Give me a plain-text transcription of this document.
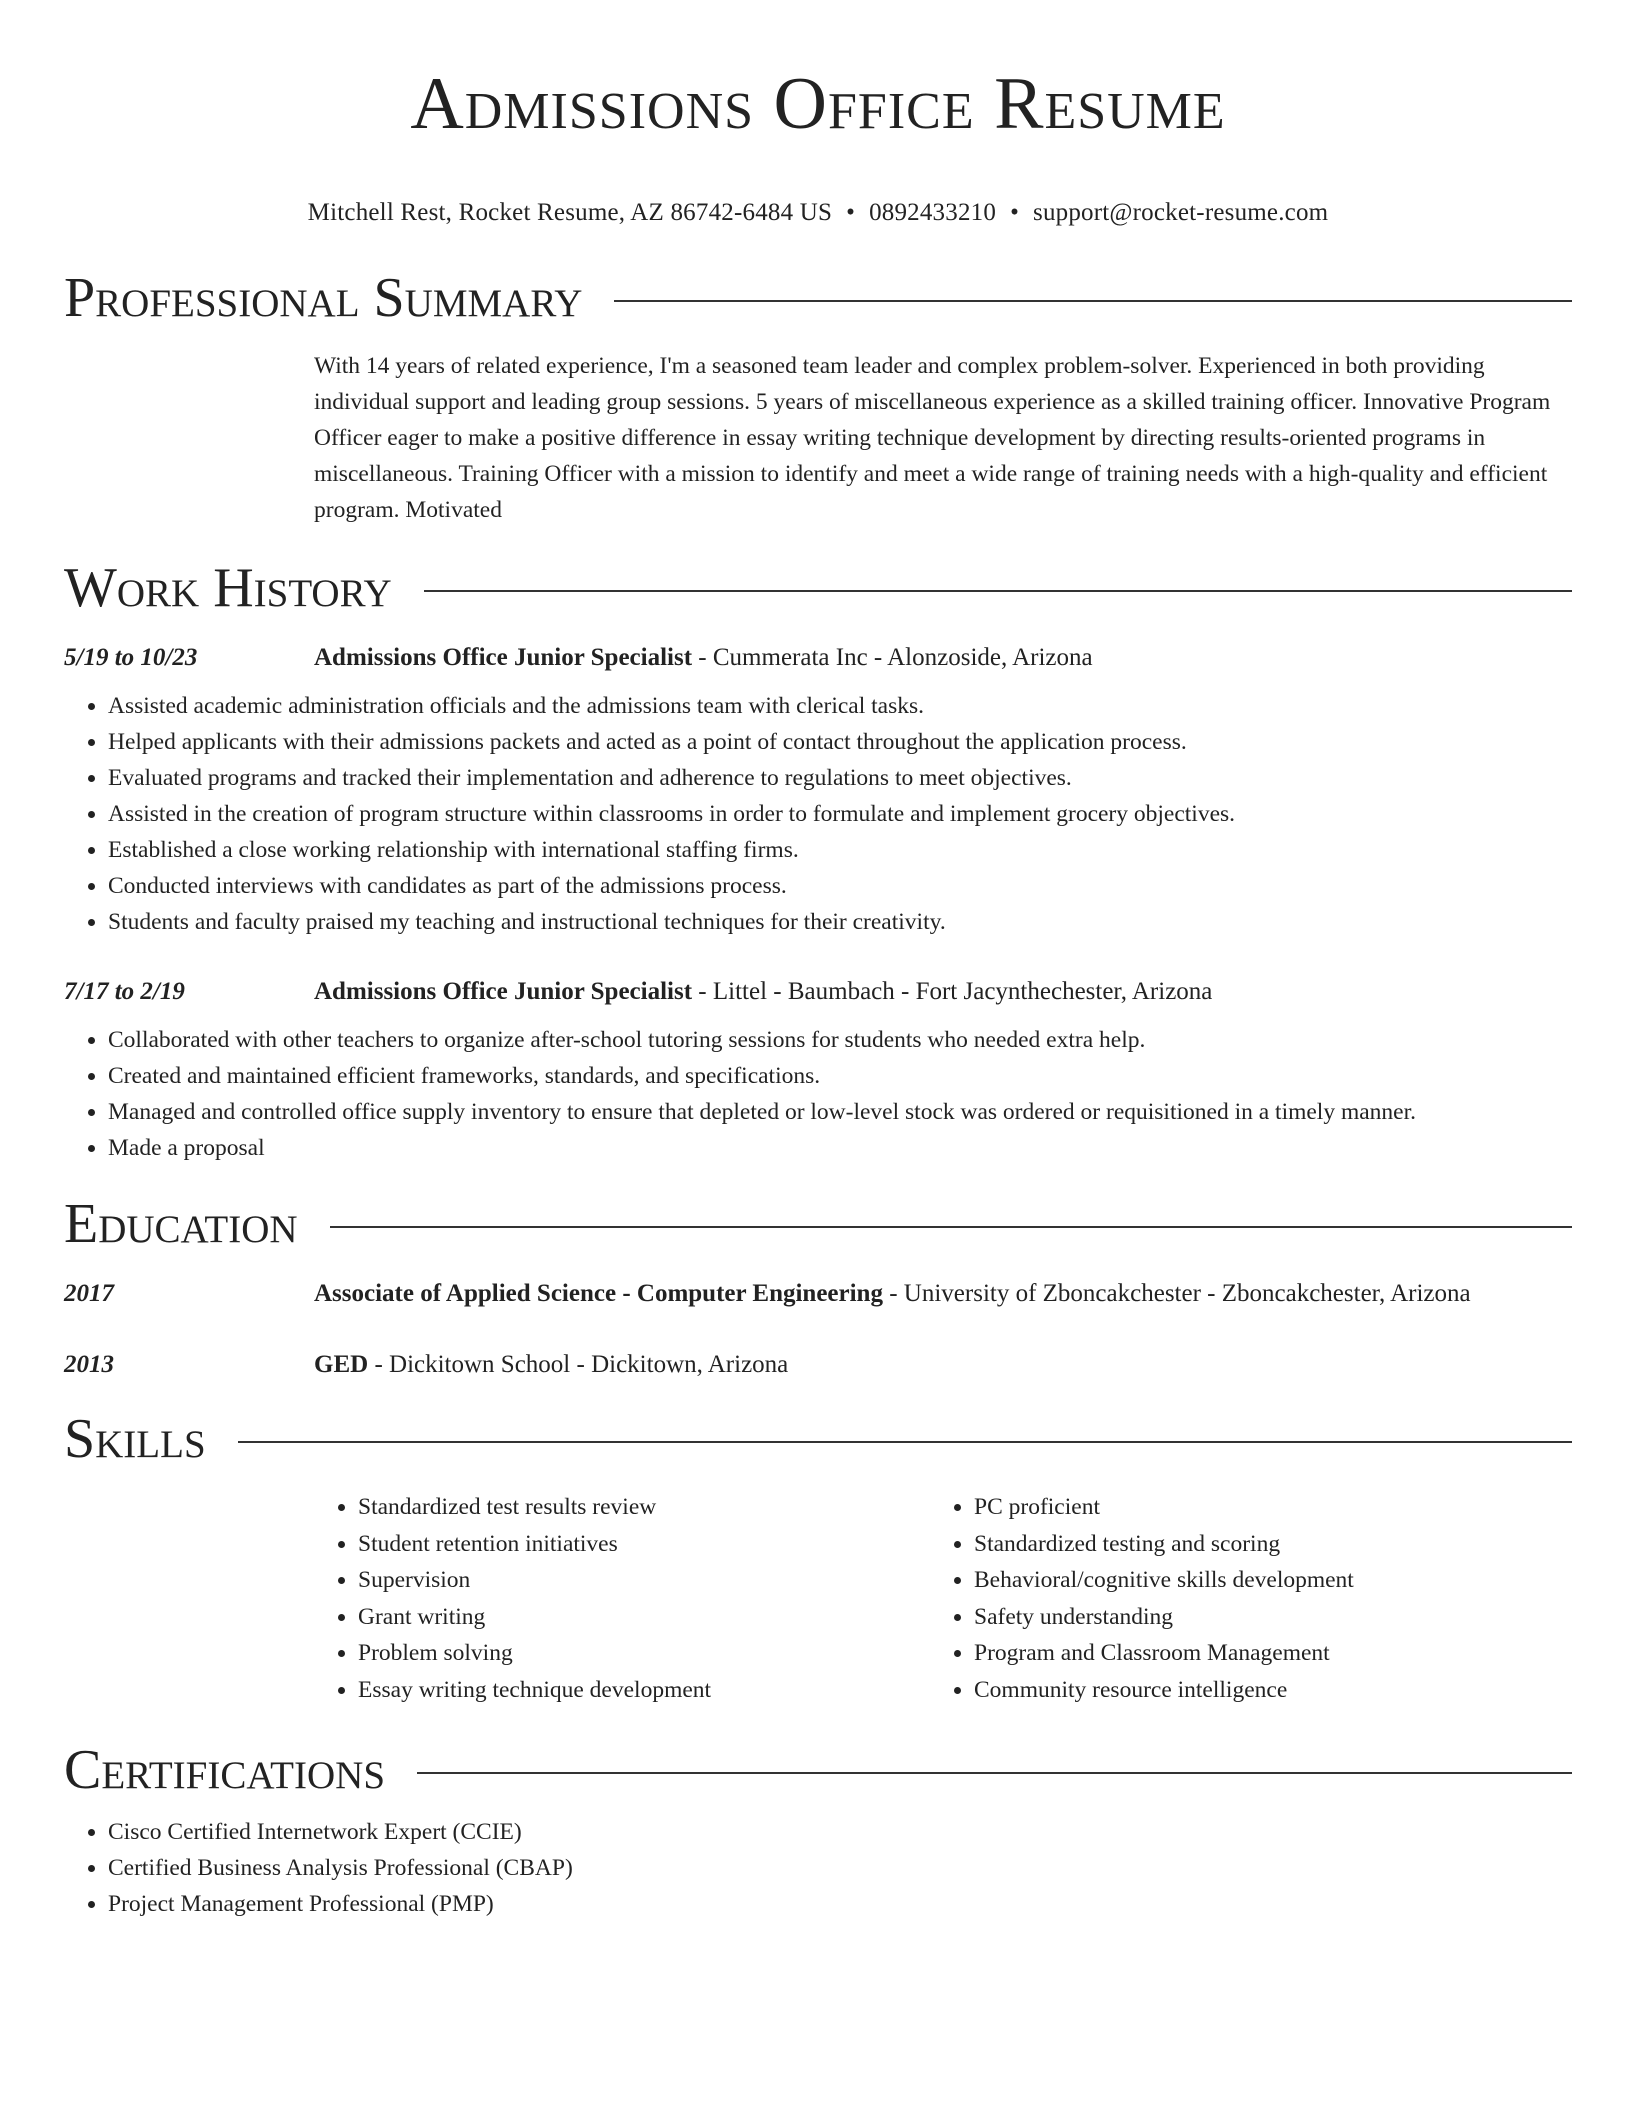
Admissions Office Resume
Mitchell Rest, Rocket Resume, AZ 86742-6484 US • 0892433210 • support@rocket-resume.com
Professional Summary
With 14 years of related experience, I'm a seasoned team leader and complex problem-solver. Experienced in both providing individual support and leading group sessions. 5 years of miscellaneous experience as a skilled training officer. Innovative Program Officer eager to make a positive difference in essay writing technique development by directing results-oriented programs in miscellaneous. Training Officer with a mission to identify and meet a wide range of training needs with a high-quality and efficient program. Motivated
Work History
5/19 to 10/23	Admissions Office Junior Specialist - Cummerata Inc - Alonzoside, Arizona
• Assisted academic administration officials and the admissions team with clerical tasks.
• Helped applicants with their admissions packets and acted as a point of contact throughout the application process.
• Evaluated programs and tracked their implementation and adherence to regulations to meet objectives.
• Assisted in the creation of program structure within classrooms in order to formulate and implement grocery objectives.
• Established a close working relationship with international staffing firms.
• Conducted interviews with candidates as part of the admissions process.
• Students and faculty praised my teaching and instructional techniques for their creativity.
7/17 to 2/19	Admissions Office Junior Specialist - Littel - Baumbach - Fort Jacynthechester, Arizona
• Collaborated with other teachers to organize after-school tutoring sessions for students who needed extra help.
• Created and maintained efficient frameworks, standards, and specifications.
• Managed and controlled office supply inventory to ensure that depleted or low-level stock was ordered or requisitioned in a timely manner.
• Made a proposal
Education
2017	Associate of Applied Science - Computer Engineering - University of Zboncakchester - Zboncakchester, Arizona
2013	GED - Dickitown School - Dickitown, Arizona
Skills
• Standardized test results review
• Student retention initiatives
• Supervision
• Grant writing
• Problem solving
• Essay writing technique development
• PC proficient
• Standardized testing and scoring
• Behavioral/cognitive skills development
• Safety understanding
• Program and Classroom Management
• Community resource intelligence
Certifications
• Cisco Certified Internetwork Expert (CCIE)
• Certified Business Analysis Professional (CBAP)
• Project Management Professional (PMP)
